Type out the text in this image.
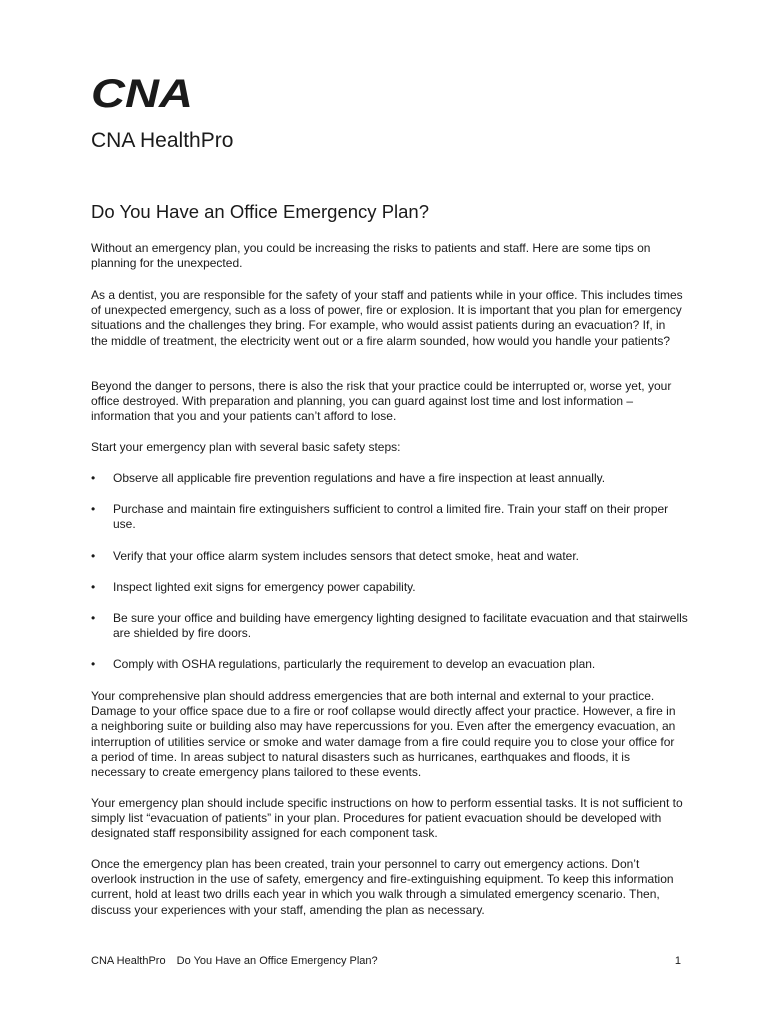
CNA
CNA HealthPro
Do You Have an Office Emergency Plan?

Without an emergency plan, you could be increasing the risks to patients and staff. Here are some tips on planning for the unexpected.

As a dentist, you are responsible for the safety of your staff and patients while in your office. This includes times of unexpected emergency, such as a loss of power, fire or explosion. It is important that you plan for emergency situations and the challenges they bring. For example, who would assist patients during an evacuation? If, in the middle of treatment, the electricity went out or a fire alarm sounded, how would you handle your patients?

Beyond the danger to persons, there is also the risk that your practice could be interrupted or, worse yet, your office destroyed. With preparation and planning, you can guard against lost time and lost information – information that you and your patients can’t afford to lose.

Start your emergency plan with several basic safety steps:

• Observe all applicable fire prevention regulations and have a fire inspection at least annually.
• Purchase and maintain fire extinguishers sufficient to control a limited fire. Train your staff on their proper use.
• Verify that your office alarm system includes sensors that detect smoke, heat and water.
• Inspect lighted exit signs for emergency power capability.
• Be sure your office and building have emergency lighting designed to facilitate evacuation and that stairwells are shielded by fire doors.
• Comply with OSHA regulations, particularly the requirement to develop an evacuation plan.

Your comprehensive plan should address emergencies that are both internal and external to your practice. Damage to your office space due to a fire or roof collapse would directly affect your practice. However, a fire in a neighboring suite or building also may have repercussions for you. Even after the emergency evacuation, an interruption of utilities service or smoke and water damage from a fire could require you to close your office for a period of time. In areas subject to natural disasters such as hurricanes, earthquakes and floods, it is necessary to create emergency plans tailored to these events.

Your emergency plan should include specific instructions on how to perform essential tasks. It is not sufficient to simply list “evacuation of patients” in your plan. Procedures for patient evacuation should be developed with designated staff responsibility assigned for each component task.

Once the emergency plan has been created, train your personnel to carry out emergency actions. Don’t overlook instruction in the use of safety, emergency and fire-extinguishing equipment. To keep this information current, hold at least two drills each year in which you walk through a simulated emergency scenario. Then, discuss your experiences with your staff, amending the plan as necessary.

CNA HealthPro Do You Have an Office Emergency Plan?	1
